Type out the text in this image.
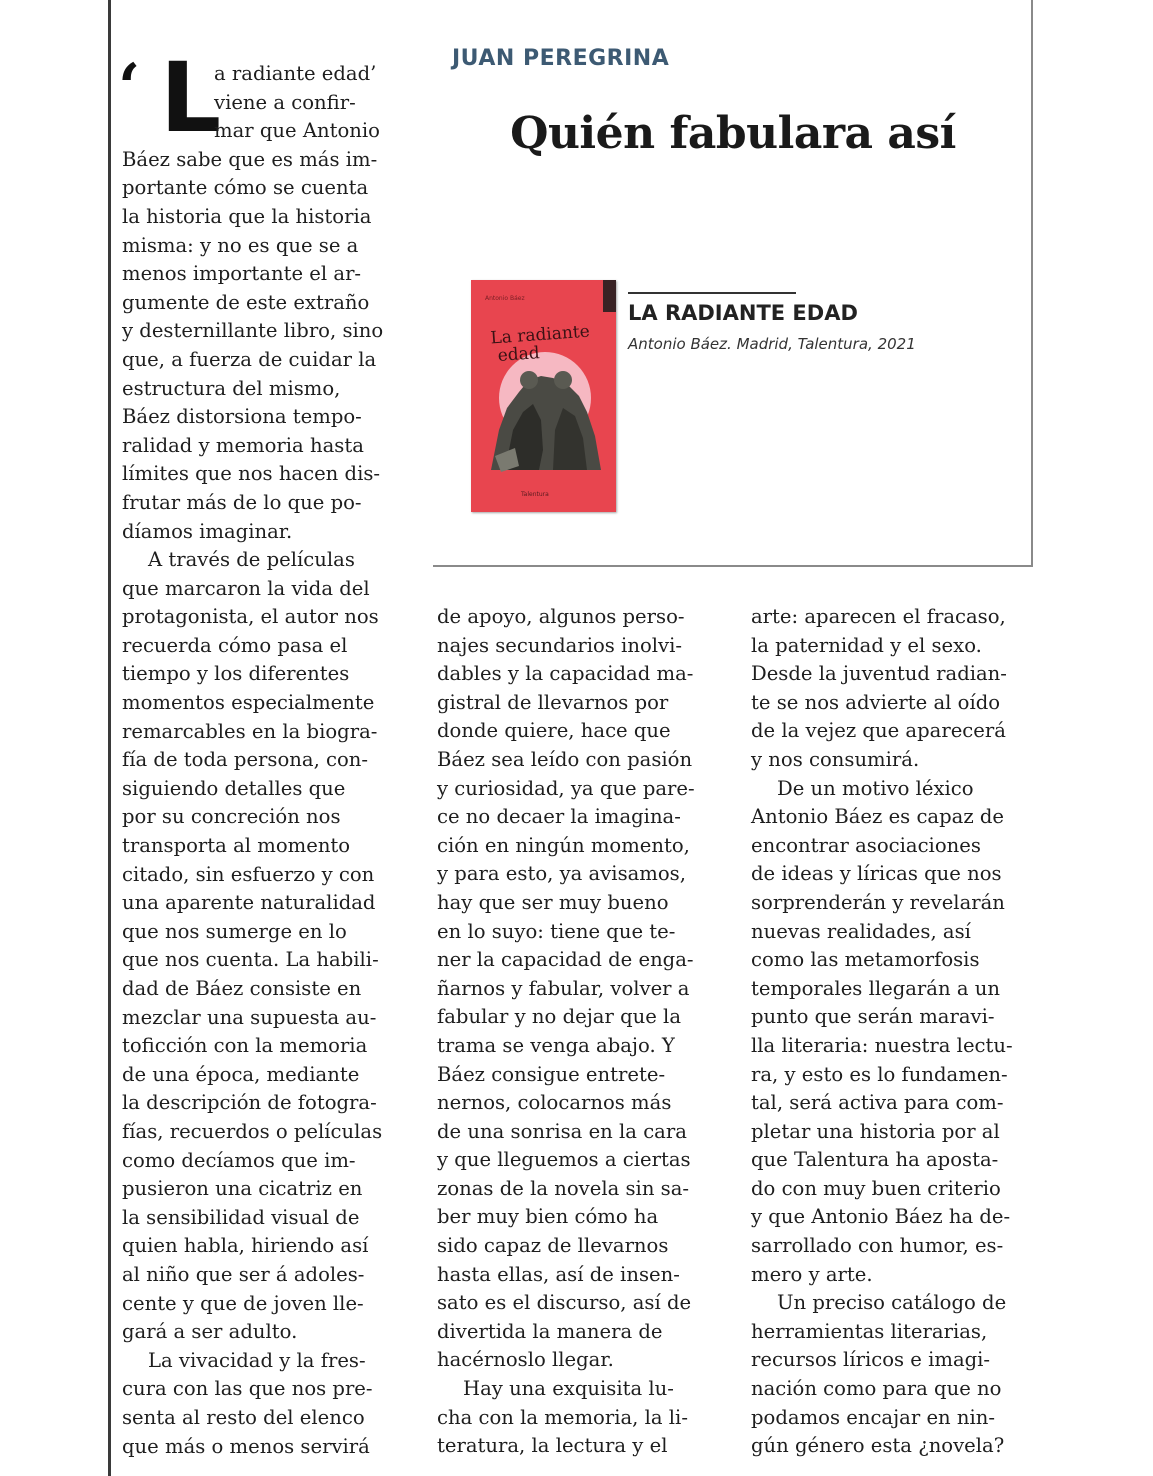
JUAN PEREGRINA
Quién fabulara así
Antonio Báez
La radiante
edad
Talentura
LA RADIANTE EDAD
Antonio Báez. Madrid, Talentura, 2021
‘ L
a radiante edad’
viene a confir-
mar que Antonio
Báez sabe que es más im-
portante cómo se cuenta
la historia que la historia
misma: y no es que se a
menos importante el ar-
gumente de este extraño
y desternillante libro, sino
que, a fuerza de cuidar la
estructura del mismo,
Báez distorsiona tempo-
ralidad y memoria hasta
límites que nos hacen dis-
frutar más de lo que po-
díamos imaginar.
A través de películas
que marcaron la vida del
protagonista, el autor nos
recuerda cómo pasa el
tiempo y los diferentes
momentos especialmente
remarcables en la biogra-
fía de toda persona, con-
siguiendo detalles que
por su concreción nos
transporta al momento
citado, sin esfuerzo y con
una aparente naturalidad
que nos sumerge en lo
que nos cuenta. La habili-
dad de Báez consiste en
mezclar una supuesta au-
toficción con la memoria
de una época, mediante
la descripción de fotogra-
fías, recuerdos o películas
como decíamos que im-
pusieron una cicatriz en
la sensibilidad visual de
quien habla, hiriendo así
al niño que ser á adoles-
cente y que de joven lle-
gará a ser adulto.
La vivacidad y la fres-
cura con las que nos pre-
senta al resto del elenco
que más o menos servirá
de apoyo, algunos perso-
najes secundarios inolvi-
dables y la capacidad ma-
gistral de llevarnos por
donde quiere, hace que
Báez sea leído con pasión
y curiosidad, ya que pare-
ce no decaer la imagina-
ción en ningún momento,
y para esto, ya avisamos,
hay que ser muy bueno
en lo suyo: tiene que te-
ner la capacidad de enga-
ñarnos y fabular, volver a
fabular y no dejar que la
trama se venga abajo. Y
Báez consigue entrete-
nernos, colocarnos más
de una sonrisa en la cara
y que lleguemos a ciertas
zonas de la novela sin sa-
ber muy bien cómo ha
sido capaz de llevarnos
hasta ellas, así de insen-
sato es el discurso, así de
divertida la manera de
hacérnoslo llegar.
Hay una exquisita lu-
cha con la memoria, la li-
teratura, la lectura y el
arte: aparecen el fracaso,
la paternidad y el sexo.
Desde la juventud radian-
te se nos advierte al oído
de la vejez que aparecerá
y nos consumirá.
De un motivo léxico
Antonio Báez es capaz de
encontrar asociaciones
de ideas y líricas que nos
sorprenderán y revelarán
nuevas realidades, así
como las metamorfosis
temporales llegarán a un
punto que serán maravi-
lla literaria: nuestra lectu-
ra, y esto es lo fundamen-
tal, será activa para com-
pletar una historia por al
que Talentura ha aposta-
do con muy buen criterio
y que Antonio Báez ha de-
sarrollado con humor, es-
mero y arte.
Un preciso catálogo de
herramientas literarias,
recursos líricos e imagi-
nación como para que no
podamos encajar en nin-
gún género esta ¿novela?
